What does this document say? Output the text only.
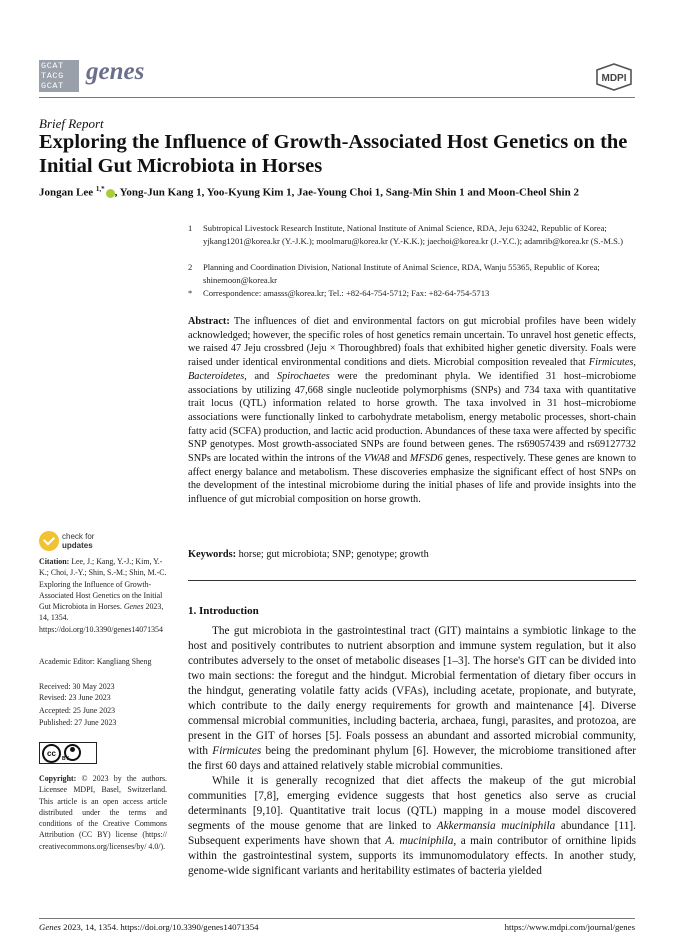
GCAT
TACG
GCAT
genes	MDPI
Brief Report
Exploring the Influence of Growth-Associated Host Genetics on the Initial Gut Microbiota in Horses
Jongan Lee $^{1,*}$ , Yong-Jun Kang 1, Yoo-Kyung Kim 1, Jae-Young Choi 1, Sang-Min Shin 1 and Moon-Cheol Shin 2
1	Subtropical Livestock Research Institute, National Institute of Animal Science, RDA, Jeju 63242, Republic of Korea; yjkang1201@korea.kr (Y.-J.K.); moolmaru@korea.kr (Y.-K.K.); jaechoi@korea.kr (J.-Y.C.); adamrib@korea.kr (S.-M.S.)
2	Planning and Coordination Division, National Institute of Animal Science, RDA, Wanju 55365, Republic of Korea; shinemoon@korea.kr
*	Correspondence: amasss@korea.kr; Tel.: +82-64-754-5712; Fax: +82-64-754-5713
Abstract: The influences of diet and environmental factors on gut microbial profiles have been widely acknowledged; however, the specific roles of host genetics remain uncertain. To unravel host genetic effects, we raised 47 Jeju crossbred (Jeju × Thoroughbred) foals that exhibited higher genetic diversity. Foals were raised under identical environmental conditions and diets. Microbial composition revealed that Firmicutes, Bacteroidetes, and Spirochaetes were the predominant phyla. We identified 31 host–microbiome associations by utilizing 47,668 single nucleotide polymorphisms (SNPs) and 734 taxa with quantitative trait locus (QTL) information related to horse growth. The taxa involved in 31 host–microbiome associations were functionally linked to carbohydrate metabolism, energy metabolic processes, short-chain fatty acid (SCFA) production, and lactic acid production. Abundances of these taxa were affected by specific SNP genotypes. Most growth-associated SNPs are found between genes. The rs69057439 and rs69127732 SNPs are located within the introns of the VWA8 and MFSD6 genes, respectively. These genes are known to affect energy balance and metabolism. These discoveries emphasize the significant effect of host SNPs on the development of the intestinal microbiome during the initial phases of life and provide insights into the influence of gut microbial composition on horse growth.
Keywords: horse; gut microbiota; SNP; genotype; growth
1. Introduction

The gut microbiota in the gastrointestinal tract (GIT) maintains a symbiotic linkage to the host and positively contributes to nutrient absorption and immune system regulation, but it also contributes adversely to the onset of metabolic diseases [1–3]. The horse's GIT can be divided into two main sections: the foregut and the hindgut. Microbial fermentation of dietary fiber occurs in the hindgut, generating volatile fatty acids (VFAs), including acetate, propionate, and butyrate, which contribute to the daily energy requirements for growth and maintenance [4]. Diverse commensal microbial communities, including bacteria, archaea, fungi, parasites, and protozoa, are present in the GIT of horses [5]. Foals possess an abundant and assorted microbial community, with Firmicutes being the predominant phylum [6]. However, the microbiome transitioned after the first 60 days and attained relatively stable microbial communities.

While it is generally recognized that diet affects the makeup of the gut microbial communities [7,8], emerging evidence suggests that host genetics also serve as crucial determinants [9,10]. Quantitative trait locus (QTL) mapping in a mouse model discovered segments of the mouse genome that are linked to Akkermansia muciniphila abundance [11]. Subsequent experiments have shown that A. muciniphila, a main contributor of ornithine lipids within the gastrointestinal system, supports its immunomodulatory effects. In another study, genome-wide significant variants and heritability estimates of bacteria yielded

check for
updates
Citation: Lee, J.; Kang, Y.-J.; Kim, Y.-K.; Choi, J.-Y.; Shin, S.-M.; Shin, M.-C. Exploring the Influence of Growth-Associated Host Genetics on the Initial Gut Microbiota in Horses. Genes 2023, 14, 1354. https://doi.org/10.3390/genes14071354
Academic Editor: Kangliang Sheng
Received: 30 May 2023
Revised: 23 June 2023
Accepted: 25 June 2023
Published: 27 June 2023
cc
BY
Copyright: © 2023 by the authors. Licensee MDPI, Basel, Switzerland. This article is an open access article distributed under the terms and conditions of the Creative Commons Attribution (CC BY) license (https:// creativecommons.org/licenses/by/ 4.0/).
Genes 2023, 14, 1354. https://doi.org/10.3390/genes14071354	https://www.mdpi.com/journal/genes
